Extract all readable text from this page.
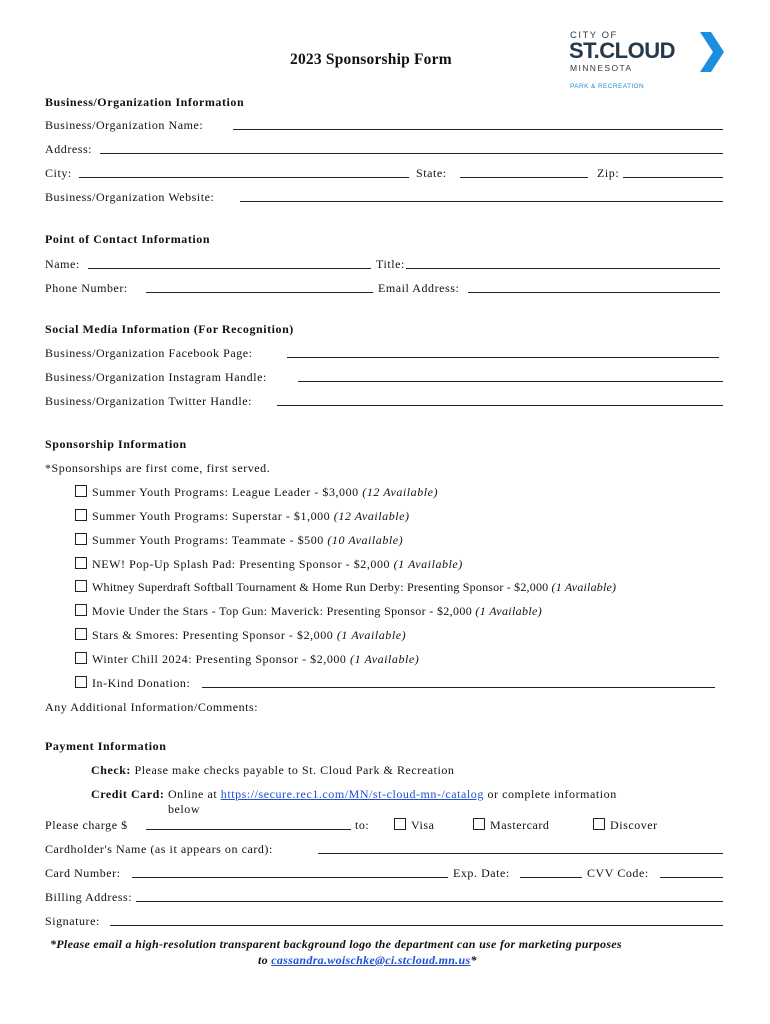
CITY OF
ST.CLOUD
MINNESOTA
PARK & RECREATION
2023 Sponsorship Form
Business/Organization Information
Business/Organization Name:
Address:
City:	State:	Zip:
Business/Organization Website:
Point of Contact Information
Name:	Title:
Phone Number:	Email Address:
Social Media Information (For Recognition)
Business/Organization Facebook Page:
Business/Organization Instagram Handle:
Business/Organization Twitter Handle:
Sponsorship Information
*Sponsorships are first come, first served.
Summer Youth Programs: League Leader - $3,000 (12 Available)
Summer Youth Programs: Superstar - $1,000 (12 Available)
Summer Youth Programs: Teammate - $500 (10 Available)
NEW! Pop-Up Splash Pad: Presenting Sponsor - $2,000 (1 Available)
Whitney Superdraft Softball Tournament & Home Run Derby: Presenting Sponsor - $2,000 (1 Available)
Movie Under the Stars - Top Gun: Maverick: Presenting Sponsor - $2,000 (1 Available)
Stars & Smores: Presenting Sponsor - $2,000 (1 Available)
Winter Chill 2024: Presenting Sponsor - $2,000 (1 Available)
In-Kind Donation:
Any Additional Information/Comments:
Payment Information
Check: Please make checks payable to St. Cloud Park & Recreation
Credit Card: Online at https://secure.rec1.com/MN/st-cloud-mn-/catalog or complete information
below
Please charge $	to:	Visa	Mastercard	Discover
Cardholder's Name (as it appears on card):
Card Number:	Exp. Date:	CVV Code:
Billing Address:
Signature:
*Please email a high-resolution transparent background logo the department can use for marketing purposes
to cassandra.woischke@ci.stcloud.mn.us*
